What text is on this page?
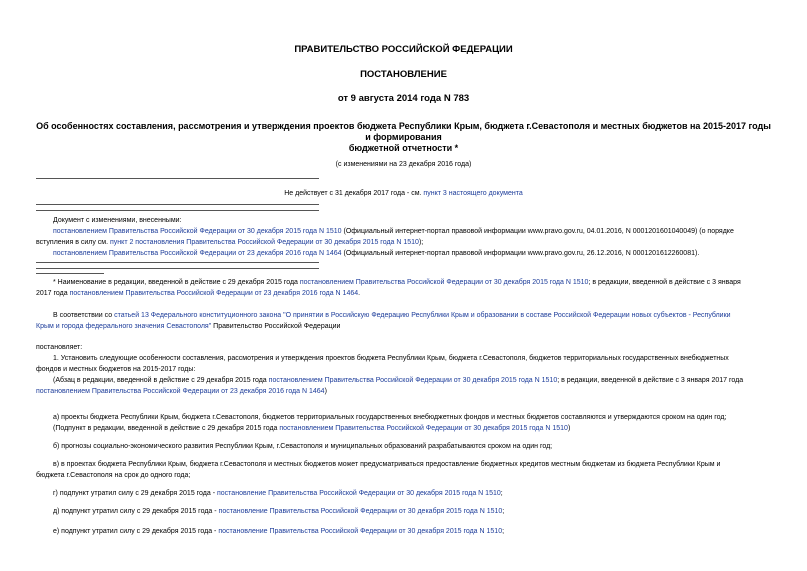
ПРАВИТЕЛЬСТВО РОССИЙСКОЙ ФЕДЕРАЦИИ
ПОСТАНОВЛЕНИЕ
от 9 августа 2014 года N 783
Об особенностях составления, рассмотрения и утверждения проектов бюджета Республики Крым, бюджета г.Севастополя и местных бюджетов на 2015-2017 годы
и формирования
бюджетной отчетности *
(с изменениями на 23 декабря 2016 года)
Не действует с 31 декабря 2017 года - см. пункт 3 настоящего документа
Документ с изменениями, внесенными:
постановлением Правительства Российской Федерации от 30 декабря 2015 года N 1510 (Официальный интернет-портал правовой информации www.pravo.gov.ru, 04.01.2016, N 0001201601040049) (о порядке
вступления в силу см. пункт 2 постановления Правительства Российской Федерации от 30 декабря 2015 года N 1510);
постановлением Правительства Российской Федерации от 23 декабря 2016 года N 1464 (Официальный интернет-портал правовой информации www.pravo.gov.ru, 26.12.2016, N 0001201612260081).
* Наименование в редакции, введенной в действие с 29 декабря 2015 года постановлением Правительства Российской Федерации от 30 декабря 2015 года N 1510; в редакции, введенной в действие с 3 января
2017 года постановлением Правительства Российской Федерации от 23 декабря 2016 года N 1464.
В соответствии со статьей 13 Федерального конституционного закона "О принятии в Российскую Федерацию Республики Крым и образовании в составе Российской Федерации новых субъектов - Республики
Крым и города федерального значения Севастополя" Правительство Российской Федерации
постановляет:
1. Установить следующие особенности составления, рассмотрения и утверждения проектов бюджета Республики Крым, бюджета г.Севастополя, бюджетов территориальных государственных внебюджетных
фондов и местных бюджетов на 2015-2017 годы:
(Абзац в редакции, введенной в действие с 29 декабря 2015 года постановлением Правительства Российской Федерации от 30 декабря 2015 года N 1510; в редакции, введенной в действие с 3 января 2017 года
постановлением Правительства Российской Федерации от 23 декабря 2016 года N 1464)
а) проекты бюджета Республики Крым, бюджета г.Севастополя, бюджетов территориальных государственных внебюджетных фондов и местных бюджетов составляются и утверждаются сроком на один год;
(Подпункт в редакции, введенной в действие с 29 декабря 2015 года постановлением Правительства Российской Федерации от 30 декабря 2015 года N 1510)
б) прогнозы социально-экономического развития Республики Крым, г.Севастополя и муниципальных образований разрабатываются сроком на один год;
в) в проектах бюджета Республики Крым, бюджета г.Севастополя и местных бюджетов может предусматриваться предоставление бюджетных кредитов местным бюджетам из бюджета Республики Крым и
бюджета г.Севастополя на срок до одного года;
г) подпункт утратил силу с 29 декабря 2015 года - постановление Правительства Российской Федерации от 30 декабря 2015 года N 1510;
д) подпункт утратил силу с 29 декабря 2015 года - постановление Правительства Российской Федерации от 30 декабря 2015 года N 1510;
е) подпункт утратил силу с 29 декабря 2015 года - постановление Правительства Российской Федерации от 30 декабря 2015 года N 1510;
